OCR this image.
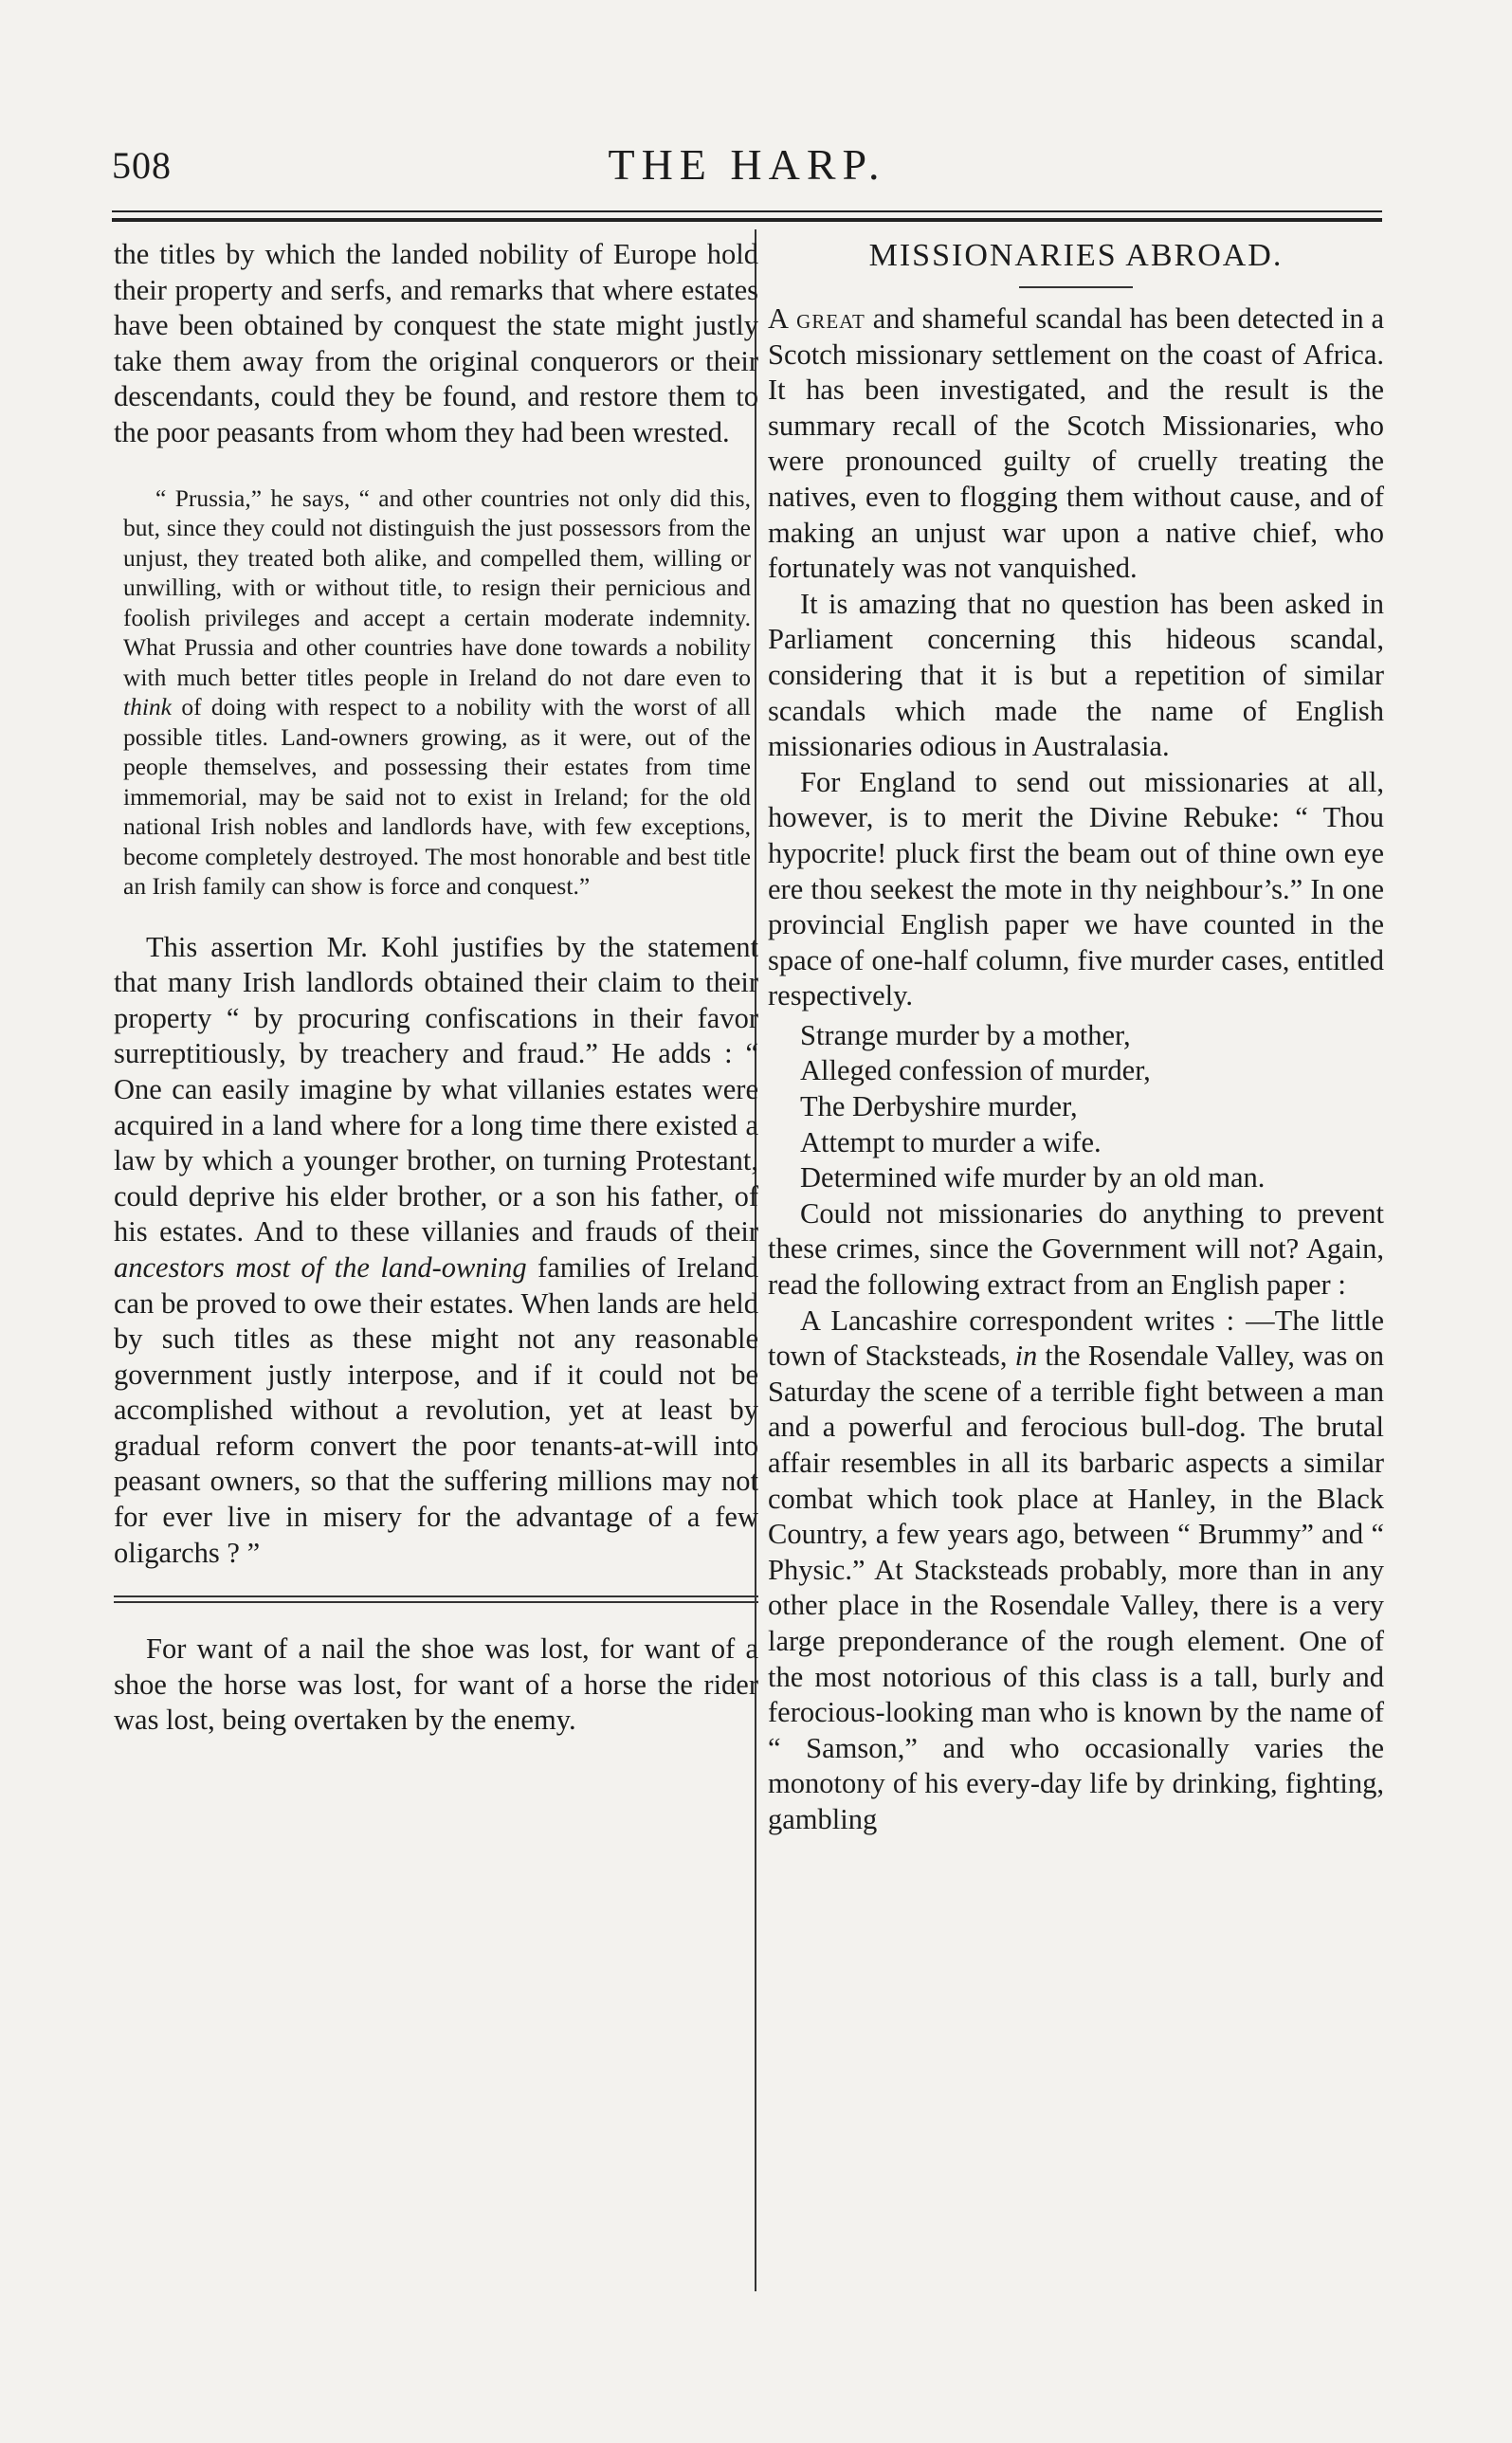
508	THE HARP.

the titles by which the landed nobility of Europe hold their property and serfs, and remarks that where estates have been obtained by conquest the state might justly take them away from the original conquerors or their descendants, could they be found, and restore them to the poor peasants from whom they had been wrested.

“ Prussia,” he says, “ and other countries not only did this, but, since they could not distinguish the just possessors from the unjust, they treated both alike, and compelled them, willing or unwilling, with or without title, to resign their pernicious and foolish privileges and accept a certain moderate indemnity. What Prussia and other countries have done towards a nobility with much better titles people in Ireland do not dare even to think of doing with respect to a nobility with the worst of all possible titles. Land-owners growing, as it were, out of the people themselves, and possessing their estates from time immemorial, may be said not to exist in Ireland; for the old national Irish nobles and landlords have, with few exceptions, become completely destroyed. The most honorable and best title an Irish family can show is force and conquest.”

This assertion Mr. Kohl justifies by the statement that many Irish landlords obtained their claim to their property “ by procuring confiscations in their favor surreptitiously, by treachery and fraud.” He adds : “ One can easily imagine by what villanies estates were acquired in a land where for a long time there existed a law by which a younger brother, on turning Protestant, could deprive his elder brother, or a son his father, of his estates. And to these villanies and frauds of their ancestors most of the land-owning families of Ireland can be proved to owe their estates. When lands are held by such titles as these might not any reasonable government justly interpose, and if it could not be accomplished without a revolution, yet at least by gradual reform convert the poor tenants-at-will into peasant owners, so that the suffering millions may not for ever live in misery for the advantage of a few oligarchs ? ”

For want of a nail the shoe was lost, for want of a shoe the horse was lost, for want of a horse the rider was lost, being overtaken by the enemy.

MISSIONARIES ABROAD.

A great and shameful scandal has been detected in a Scotch missionary settlement on the coast of Africa. It has been investigated, and the result is the summary recall of the Scotch Missionaries, who were pronounced guilty of cruelly treating the natives, even to flogging them without cause, and of making an unjust war upon a native chief, who fortunately was not vanquished.

It is amazing that no question has been asked in Parliament concerning this hideous scandal, considering that it is but a repetition of similar scandals which made the name of English missionaries odious in Australasia.

For England to send out missionaries at all, however, is to merit the Divine Rebuke: “ Thou hypocrite! pluck first the beam out of thine own eye ere thou seekest the mote in thy neighbour’s.” In one provincial English paper we have counted in the space of one-half column, five murder cases, entitled respectively.

Strange murder by a mother,
Alleged confession of murder,
The Derbyshire murder,
Attempt to murder a wife.

Determined wife murder by an old man.

Could not missionaries do anything to prevent these crimes, since the Government will not? Again, read the following extract from an English paper :

A Lancashire correspondent writes : —The little town of Stacksteads, in the Rosendale Valley, was on Saturday the scene of a terrible fight between a man and a powerful and ferocious bull-dog. The brutal affair resembles in all its barbaric aspects a similar combat which took place at Hanley, in the Black Country, a few years ago, between “ Brummy” and “ Physic.” At Stacksteads probably, more than in any other place in the Rosendale Valley, there is a very large preponderance of the rough element. One of the most notorious of this class is a tall, burly and ferocious-looking man who is known by the name of “ Samson,” and who occasionally varies the monotony of his every-day life by drinking, fighting, gambling
